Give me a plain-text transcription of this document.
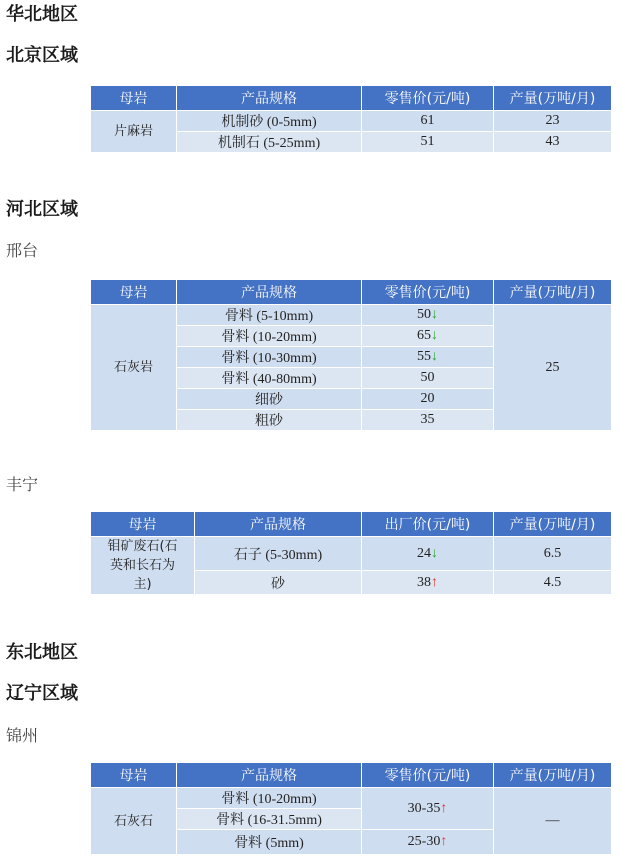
华北地区
北京区域
母岩	产品规格	零售价(元/吨)	产量(万吨/月)
片麻岩	机制砂 (0-5mm)	61	23
	机制石 (5-25mm)	51	43
河北区域
邢台
母岩	产品规格	零售价(元/吨)	产量(万吨/月)
石灰岩	骨料 (5-10mm)	50↓	25
	骨料 (10-20mm)	65↓	
	骨料 (10-30mm)	55↓	
	骨料 (40-80mm)	50	
	细砂	20	
	粗砂	35	
丰宁
母岩	产品规格	出厂价(元/吨)	产量(万吨/月)

钼矿废石(石
英和长石为
主)	石子 (5-30mm)	24↓	6.5
	砂	38↑	4.5
东北地区
辽宁区域
锦州
母岩	产品规格	零售价(元/吨)	产量(万吨/月)
石灰石	骨料 (10-20mm)	30-35↑	—
	骨料 (16-31.5mm)		
	骨料 (5mm)	25-30↑	
